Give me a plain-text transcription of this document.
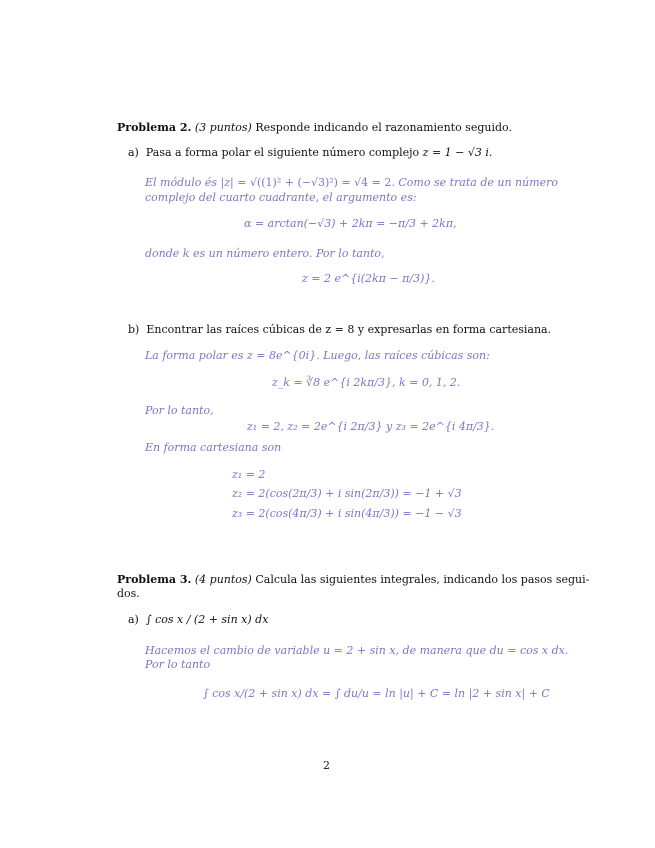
Problema 2. (3 puntos) Responde indicando el razonamiento seguido.
a) Pasa a forma polar el siguiente número complejo z = 1 − √3 i.
El módulo és |z| = √((1)² + (−√3)²) = √4 = 2. Como se trata de un número
complejo del cuarto cuadrante, el argumento es:
α = arctan(−√3) + 2kπ = −π/3 + 2kπ,
donde k es un número entero. Por lo tanto,
z = 2 e^{i(2kπ − π/3)}.
b) Encontrar las raíces cúbicas de z = 8 y expresarlas en forma cartesiana.
La forma polar es z = 8e^{0i}. Luego, las raíces cúbicas son:
z_k = ∛8 e^{i 2kπ/3}, k = 0, 1, 2.
Por lo tanto,
z₁ = 2, z₂ = 2e^{i 2π/3} y z₃ = 2e^{i 4π/3}.
En forma cartesiana son
z₁ = 2
z₂ = 2(cos(2π/3) + i sin(2π/3)) = −1 + √3
z₃ = 2(cos(4π/3) + i sin(4π/3)) = −1 − √3
Problema 3. (4 puntos) Calcula las siguientes integrales, indicando los pasos segui-
dos.
a) ∫ cos x / (2 + sin x) dx
Hacemos el cambio de variable u = 2 + sin x, de manera que du = cos x dx.
Por lo tanto
∫ cos x/(2 + sin x) dx = ∫ du/u = ln |u| + C = ln |2 + sin x| + C
2
